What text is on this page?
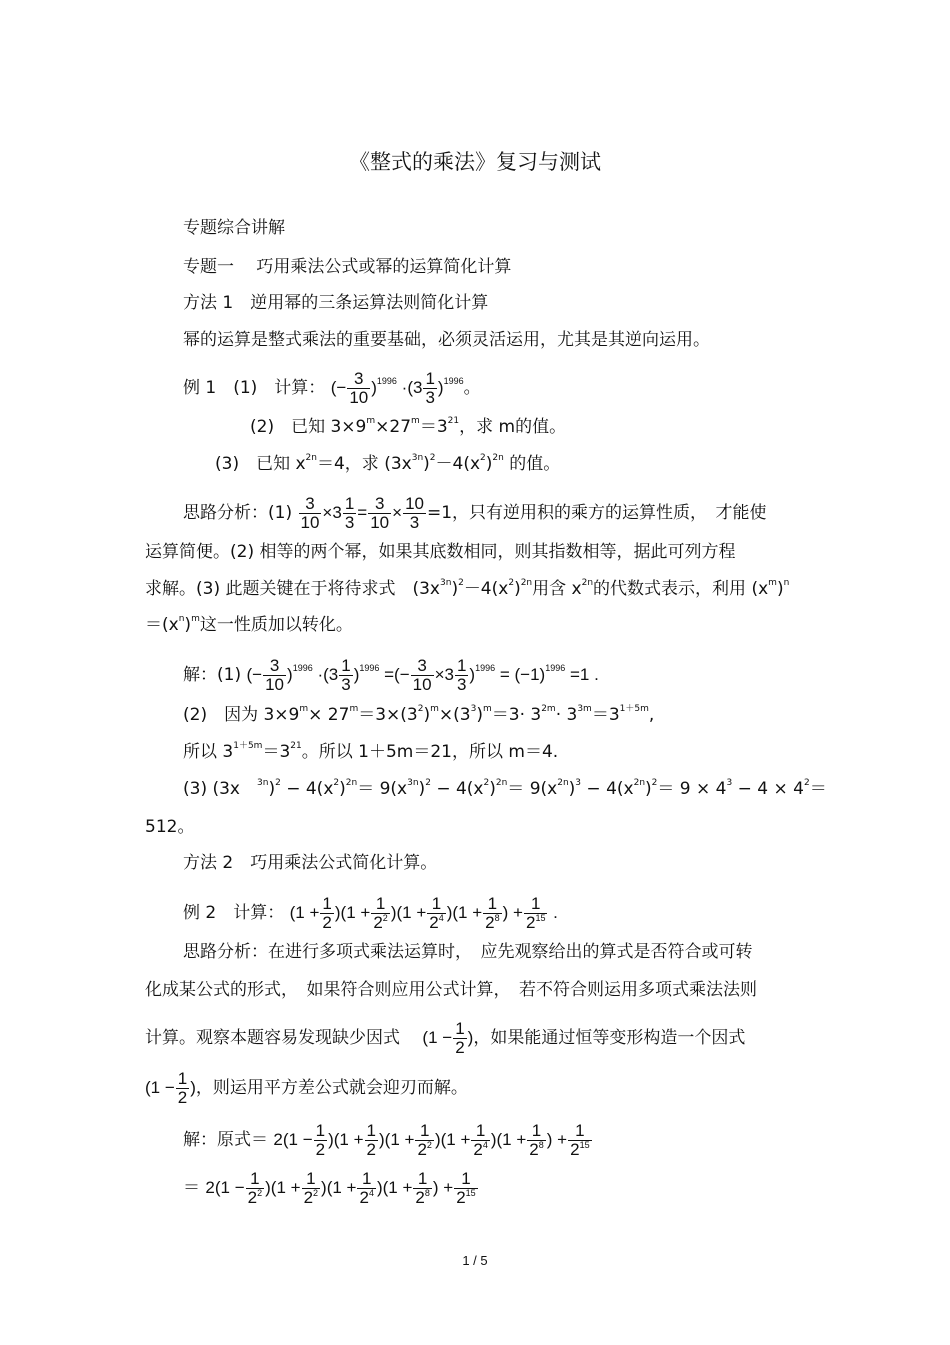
《整式的乘法》复习与测试
专题综合讲解
专题一　 巧用乘法公式或幂的运算简化计算
方法 1　逆用幂的三条运算法则简化计算
幂的运算是整式乘法的重要基础，必须灵活运用，尤其是其逆向运用。
例 1　(1)　计算： (− $\frac{3}{10} )^{1996} \cdot(3 \frac{1}{3} )^{1996}$。
(2)　已知 $3\times 9^m\times 27^m=3^{21}$，求 m的值。
(3)　已知 $x^{2n}=4$，求 $(3x^{3n})^2-4(x^2)^{2n}$ 的值。
思路分析：$(1) \frac{3}{10} \times 3 \frac{1}{3} = \frac{3}{10} \times \frac{10}{3} =1$，只有逆用积的乘方的运算性质，　才能使
运算简便。(2) 相等的两个幂，如果其底数相同，则其指数相等，据此可列方程
求解。(3) 此题关键在于将待求式　$(3x^{3n})^2-4(x^2)^{2n}$用含 $x^{2n}$的代数式表示，利用 $(x^m)^n$
$=(x^n)^m$这一性质加以转化。
解：(1) (− $\frac{3}{10} )^{1996} \cdot(3 \frac{1}{3} )^{1996}$ =(− $\frac{3}{10} \times 3 \frac{1}{3} )^{1996} = (-1)^{1996} =1$ .
(2)　因为 $3\times 9^m\times 27^m=3\times(3^2)^m\times(3^3)^m=3\cdot 3^{2m}\cdot 3^{3m}=3^{1+5m}$,
所以 $3^{1+5m}=3^{21}$。所以 1＋5m＝21，所以 m＝4.
(3) (3x　 $^{3n})^2 - 4(x^2)^{2n}= 9(x^{3n})^2 - 4(x^2)^{2n}= 9(x^{2n})^3 - 4(x^{2n})^2= 9 \times 4^3 - 4 \times 4^2=$
512。
方法 2　巧用乘法公式简化计算。
例 2　计算： $(1 + \frac{1}{2} )(1 + \frac{1}{2^2} )(1 + \frac{1}{2^4} )(1 + \frac{1}{2^8}$ ) + $\frac{1}{2^{15}}$ .
思路分析：在进行多项式乘法运算时，　应先观察给出的算式是否符合或可转
化成某公式的形式，　如果符合则应用公式计算，　若不符合则运用多项式乘法法则
计算。观察本题容易发现缺少因式　 ($1 - \frac{1}{2}$ )，如果能通过恒等变形构造一个因式
($1 - \frac{1}{2}$ )，则运用平方差公式就会迎刃而解。
解：原式＝ $2(1 - \frac{1}{2} )(1 + \frac{1}{2} )(1 + \frac{1}{2^2} )(1 + \frac{1}{2^4} )(1 + \frac{1}{2^8}$ ) + $\frac{1}{2^{15}}$
＝ $2(1 - \frac{1}{2^2} )(1 + \frac{1}{2^2} )(1 + \frac{1}{2^4} )(1 + \frac{1}{2^8}$ ) + $\frac{1}{2^{15}}$
1 / 5
